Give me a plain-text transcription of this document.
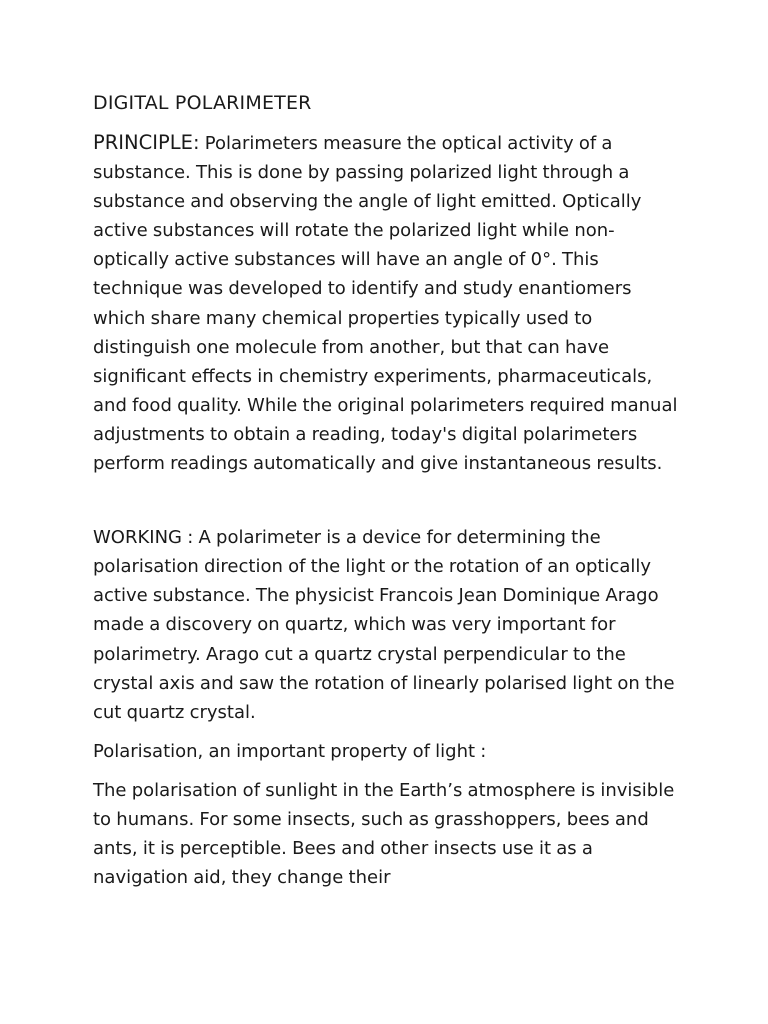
DIGITAL POLARIMETER

PRINCIPLE: Polarimeters measure the optical activity of a substance. This is done by passing polarized light through a substance and observing the angle of light emitted. Optically active substances will rotate the polarized light while non-optically active substances will have an angle of 0°. This technique was developed to identify and study enantiomers which share many chemical properties typically used to distinguish one molecule from another, but that can have significant effects in chemistry experiments, pharmaceuticals, and food quality. While the original polarimeters required manual adjustments to obtain a reading, today's digital polarimeters perform readings automatically and give instantaneous results.

WORKING : A polarimeter is a device for determining the polarisation direction of the light or the rotation of an optically active substance. The physicist Francois Jean Dominique Arago made a discovery on quartz, which was very important for polarimetry. Arago cut a quartz crystal perpendicular to the crystal axis and saw the rotation of linearly polarised light on the cut quartz crystal.

Polarisation, an important property of light :

The polarisation of sunlight in the Earth’s atmosphere is invisible to humans. For some insects, such as grasshoppers, bees and ants, it is perceptible. Bees and other insects use it as a navigation aid, they change their
